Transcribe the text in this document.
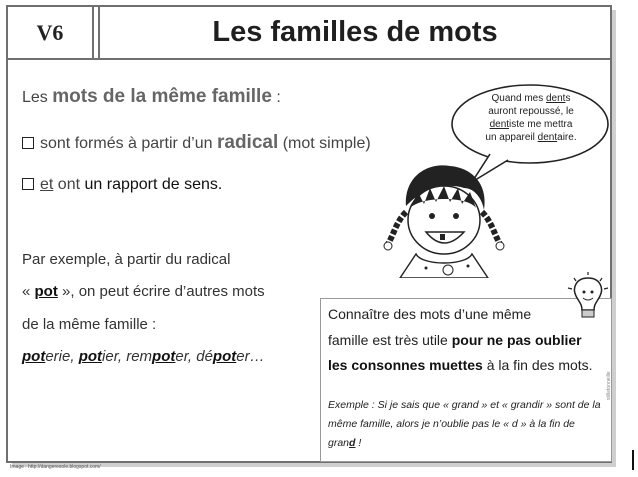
V6	Les familles de mots
Les mots de la même famille :
sont formés à partir d’un radical (mot simple)
et ont un rapport de sens.
Par exemple, à partir du radical
« pot », on peut écrire d’autres mots
de la même famille :
poterie, potier, rempoter, dépoter…
Quand mes dents
auront repoussé, le
dentiste me mettra
un appareil dentaire.
Connaître des mots d’une même
famille est très utile pour ne pas oublier
les consonnes muettes à la fin des mots.
Exemple : Si je sais que « grand » et « grandir » sont de la même famille, alors je n’oublie pas le « d » à la fin de grand !
Image : http://dangeresole.blogspot.com/
stilletonneille
